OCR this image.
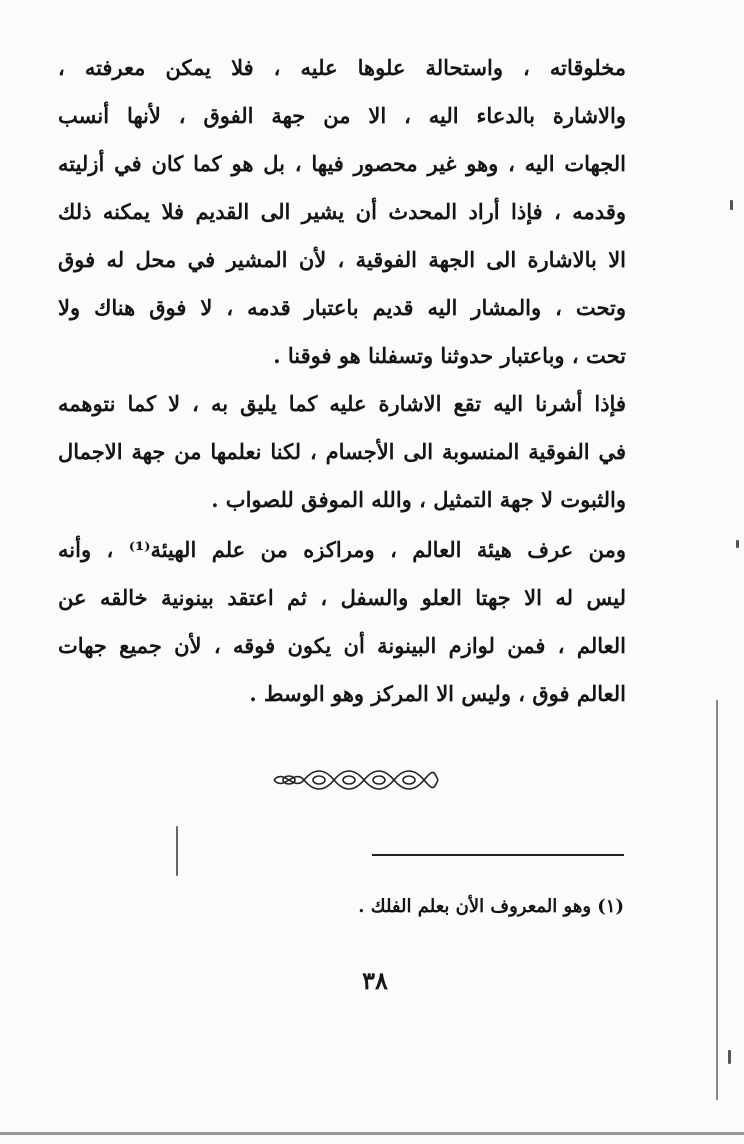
مخلوقاته ، واستحالة علوها عليه ، فلا يمكن معرفته ،
والاشارة بالدعاء اليه ، الا من جهة الفوق ، لأنها أنسب
الجهات اليه ، وهو غير محصور فيها ، بل هو كما كان في أزليته
وقدمه ، فإذا أراد المحدث أن يشير الى القديم فلا يمكنه ذلك
الا بالاشارة الى الجهة الفوقية ، لأن المشير في محل له فوق
وتحت ، والمشار اليه قديم باعتبار قدمه ، لا فوق هناك ولا
تحت ، وباعتبار حدوثنا وتسفلنا هو فوقنا .
فإذا أشرنا اليه تقع الاشارة عليه كما يليق به ، لا كما نتوهمه
في الفوقية المنسوبة الى الأجسام ، لكنا نعلمها من جهة الاجمال
والثبوت لا جهة التمثيل ، والله الموفق للصواب .
ومن عرف هيئة العالم ، ومراكزه من علم الهيئة⁽¹⁾ ، وأنه
ليس له الا جهتا العلو والسفل ، ثم اعتقد بينونية خالقه عن
العالم ، فمن لوازم البينونة أن يكون فوقه ، لأن جميع جهات
العالم فوق ، وليس الا المركز وهو الوسط .
(١) وهو المعروف الأن بعلم الفلك .
٣٨
